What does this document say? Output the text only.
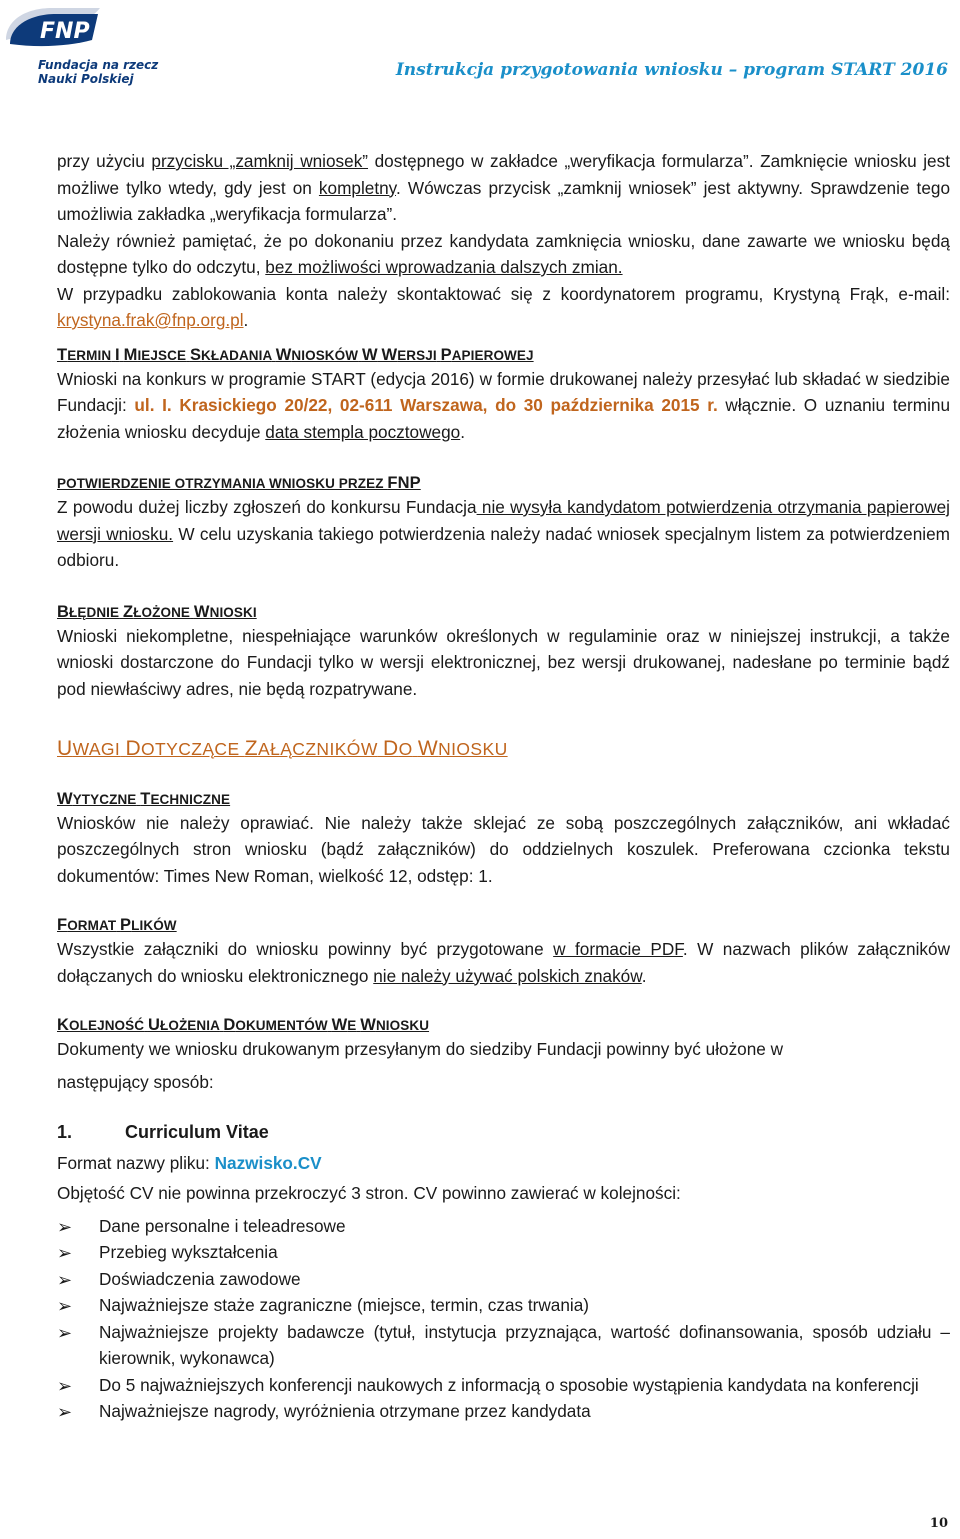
FNP
Fundacja na rzecz
Nauki Polskiej	Instrukcja przygotowania wniosku – program START 2016

przy użyciu przycisku „zamknij wniosek” dostępnego w zakładce „weryfikacja formularza”. Zamknięcie wniosku jest możliwe tylko wtedy, gdy jest on kompletny. Wówczas przycisk „zamknij wniosek” jest aktywny. Sprawdzenie tego umożliwia zakładka „weryfikacja formularza”.

Należy również pamiętać, że po dokonaniu przez kandydata zamknięcia wniosku, dane zawarte we wniosku będą dostępne tylko do odczytu, bez możliwości wprowadzania dalszych zmian.

W przypadku zablokowania konta należy skontaktować się z koordynatorem programu, Krystyną Frąk, e-mail: krystyna.frak@fnp.org.pl.

TERMIN I MIEJSCE SKŁADANIA WNIOSKÓW W WERSJI PAPIEROWEJ

Wnioski na konkurs w programie START (edycja 2016) w formie drukowanej należy przesyłać lub składać w siedzibie Fundacji: ul. I. Krasickiego 20/22, 02-611 Warszawa, do 30 października 2015 r. włącznie. O uznaniu terminu złożenia wniosku decyduje data stempla pocztowego.

POTWIERDZENIE OTRZYMANIA WNIOSKU PRZEZ FNP

Z powodu dużej liczby zgłoszeń do konkursu Fundacja nie wysyła kandydatom potwierdzenia otrzymania papierowej wersji wniosku. W celu uzyskania takiego potwierdzenia należy nadać wniosek specjalnym listem za potwierdzeniem odbioru.

BŁĘDNIE ZŁOŻONE WNIOSKI

Wnioski niekompletne, niespełniające warunków określonych w regulaminie oraz w niniejszej instrukcji, a także wnioski dostarczone do Fundacji tylko w wersji elektronicznej, bez wersji drukowanej, nadesłane po terminie bądź pod niewłaściwy adres, nie będą rozpatrywane.

UWAGI DOTYCZĄCE ZAŁĄCZNIKÓW DO WNIOSKU

WYTYCZNE TECHNICZNE

Wniosków nie należy oprawiać. Nie należy także sklejać ze sobą poszczególnych załączników, ani wkładać poszczególnych stron wniosku (bądź załączników) do oddzielnych koszulek. Preferowana czcionka tekstu dokumentów: Times New Roman, wielkość 12, odstęp: 1.

FORMAT PLIKÓW

Wszystkie załączniki do wniosku powinny być przygotowane w formacie PDF. W nazwach plików załączników dołączanych do wniosku elektronicznego nie należy używać polskich znaków.

KOLEJNOŚĆ UŁOŻENIA DOKUMENTÓW WE WNIOSKU

Dokumenty we wniosku drukowanym przesyłanym do siedziby Fundacji powinny być ułożone w

następujący sposób:

1.	Curriculum Vitae

Format nazwy pliku: Nazwisko.CV

Objętość CV nie powinna przekroczyć 3 stron. CV powinno zawierać w kolejności:

➢ Dane personalne i teleadresowe
➢ Przebieg wykształcenia
➢ Doświadczenia zawodowe
➢ Najważniejsze staże zagraniczne (miejsce, termin, czas trwania)
➢ Najważniejsze projekty badawcze (tytuł, instytucja przyznająca, wartość dofinansowania, sposób udziału – kierownik, wykonawca)
➢ Do 5 najważniejszych konferencji naukowych z informacją o sposobie wystąpienia kandydata na konferencji
➢ Najważniejsze nagrody, wyróżnienia otrzymane przez kandydata
10
